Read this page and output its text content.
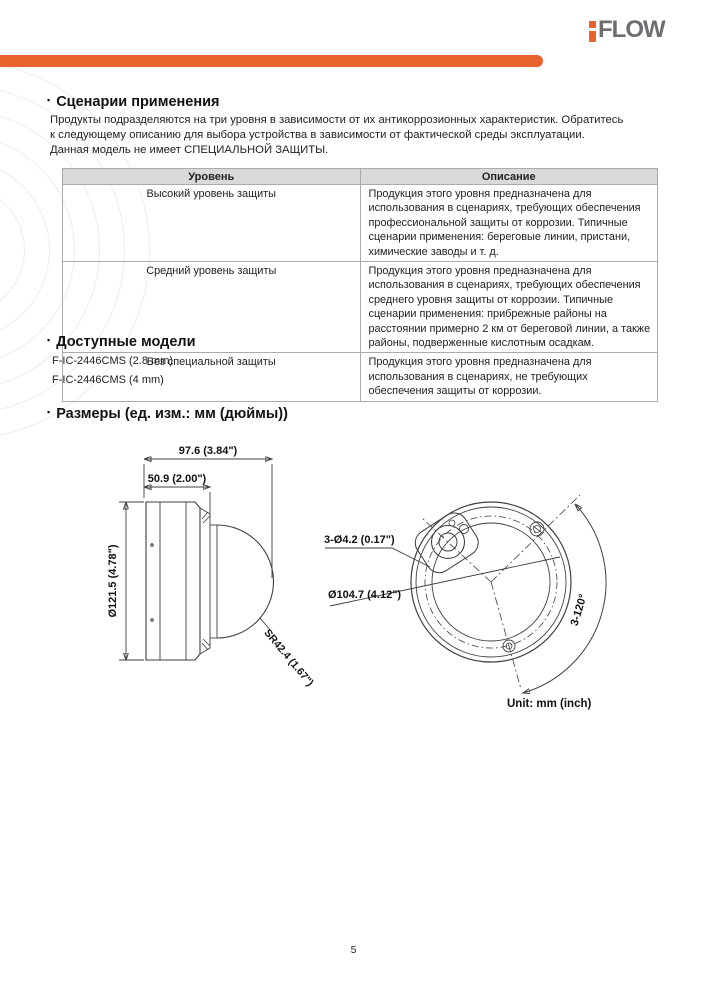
FLOW
▪ Сценарии применения
Продукты подразделяются на три уровня в зависимости от их антикоррозионных характеристик. Обратитесь
к следующему описанию для выбора устройства в зависимости от фактической среды эксплуатации.
Данная модель не имеет СПЕЦИАЛЬНОЙ ЗАЩИТЫ.
Уровень	Описание
Высокий уровень защиты	Продукция этого уровня предназначена для использования в сценариях, требующих обеспечения профессиональной защиты от коррозии. Типичные сценарии применения: береговые линии, пристани, химические заводы и т. д.
Средний уровень защиты	Продукция этого уровня предназначена для использования в сценариях, требующих обеспечения среднего уровня защиты от коррозии. Типичные сценарии применения: прибрежные районы на расстоянии примерно 2 км от береговой линии, а также районы, подверженные кислотным осадкам.
Без специальной защиты	Продукция этого уровня предназначена для использования в сценариях, не требующих обеспечения защиты от коррозии.
▪ Доступные модели
F-IC-2446CMS (2.8 mm)
F-IC-2446CMS (4 mm)
▪ Размеры (ед. изм.: мм (дюймы))
97.6 (3.84")
50.9 (2.00")
Ø121.5 (4.78")
SR42.4 (1.67")
3-Ø4.2 (0.17")
Ø104.7 (4.12")	3-120°
Unit: mm (inch)
5
